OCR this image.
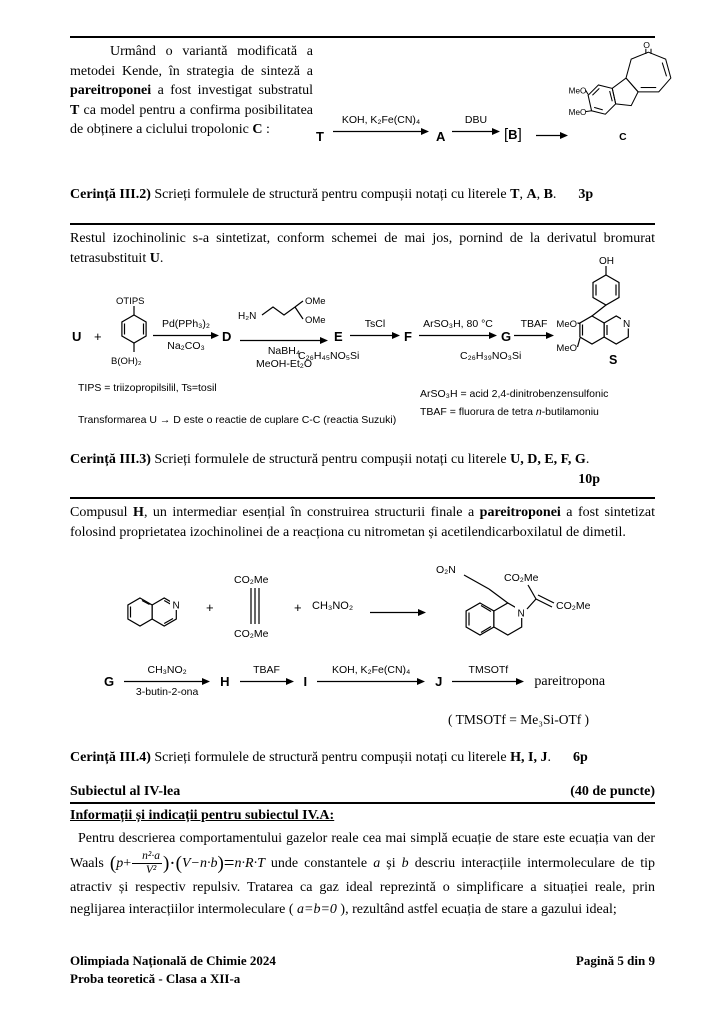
Urmând o variantă modificată a metodei Kende, în strategia de sinteză a pareitroponei a fost investigat substratul T ca model pentru a confirma posibilitatea de obținere a ciclului tropolonic C :	T
KOH, K₂Fe(CN)₄
A
DBU
[B]
O
MeO
MeO
C

Cerință III.2) Scrieți formulele de structură pentru compușii notați cu literele T, A, B. 3p

Restul izochinolinic s-a sintetizat, conform schemei de mai jos, pornind de la derivatul bromurat tetrasubstituit U.

U +
OTIPS
B(OH)₂
Pd(PPh₃)₂
Na₂CO₃
D
H₂N
OMe
OMe
NaBH₄
MeOH-Et₂O
E
C₂₆H₄₅NO₅Si
TsCl
F
ArSO₃H, 80 °C
G
C₂₆H₃₉NO₃Si
TBAF
OH
N
MeO
MeO
S
TIPS = triizopropilsilil, Ts=tosil
Transformarea U → D este o reactie de cuplare C-C (reactia Suzuki)
ArSO₃H = acid 2,4-dinitrobenzensulfonic
TBAF = fluorura de tetra n-butilamoniu

Cerință III.3) Scrieți formulele de structură pentru compușii notați cu literele U, D, E, F, G.

10p

Compusul H, un intermediar esențial în construirea structurii finale a pareitroponei a fost sintetizat folosind proprietatea izochinolinei de a reacționa cu nitrometan și acetilendicarboxilatul de dimetil.

N +
CO₂Me
CO₂Me
+ CH₃NO₂ →
O₂N
N
CO₂Me
CO₂Me
G
CH₃NO₂
3-butin-2-ona
H
TBAF
I
KOH, K₂Fe(CN)₄
J
TMSOTf
pareitropona

( TMSOTf = Me₃Si-OTf )

Cerință III.4) Scrieți formulele de structură pentru compușii notați cu literele H, I, J. 6p

Subiectul al IV-lea	(40 de puncte)
Informații și indicații pentru subiectul IV.A:

Pentru descrierea comportamentului gazelor reale cea mai simplă ecuație de stare este ecuația van der Waals $(p+ \frac{\text{n²·a}}{\text{V²}} )\cdot(V-n\cdot b)=n\cdot R\cdot T$ unde constantele a și b descriu interacțiile intermoleculare de tip atractiv și respectiv repulsiv. Tratarea ca gaz ideal reprezintă o simplificare a situației reale, prin neglijarea interacțiilor intermoleculare ( a=b=0 ), rezultând astfel ecuația de stare a gazului ideal;

Olimpiada Națională de Chimie 2024
Proba teoretică - Clasa a XII-a
Pagină 5 din 9
